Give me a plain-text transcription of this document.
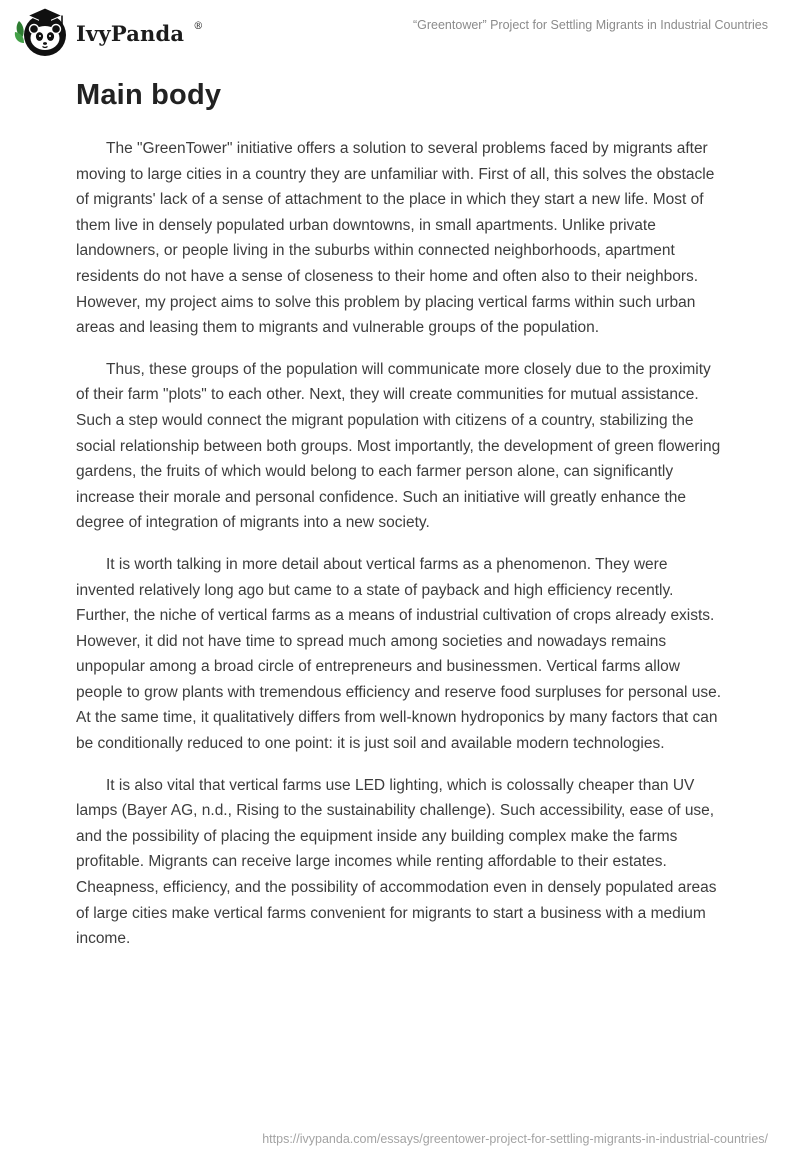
IvyPanda ®	“Greentower” Project for Settling Migrants in Industrial Countries
Main body

The "GreenTower" initiative offers a solution to several problems faced by migrants after moving to large cities in a country they are unfamiliar with. First of all, this solves the obstacle of migrants' lack of a sense of attachment to the place in which they start a new life. Most of them live in densely populated urban downtowns, in small apartments. Unlike private landowners, or people living in the suburbs within connected neighborhoods, apartment residents do not have a sense of closeness to their home and often also to their neighbors. However, my project aims to solve this problem by placing vertical farms within such urban areas and leasing them to migrants and vulnerable groups of the population.

Thus, these groups of the population will communicate more closely due to the proximity of their farm "plots" to each other. Next, they will create communities for mutual assistance. Such a step would connect the migrant population with citizens of a country, stabilizing the social relationship between both groups. Most importantly, the development of green flowering gardens, the fruits of which would belong to each farmer person alone, can significantly increase their morale and personal confidence. Such an initiative will greatly enhance the degree of integration of migrants into a new society.

It is worth talking in more detail about vertical farms as a phenomenon. They were invented relatively long ago but came to a state of payback and high efficiency recently. Further, the niche of vertical farms as a means of industrial cultivation of crops already exists. However, it did not have time to spread much among societies and nowadays remains unpopular among a broad circle of entrepreneurs and businessmen. Vertical farms allow people to grow plants with tremendous efficiency and reserve food surpluses for personal use. At the same time, it qualitatively differs from well-known hydroponics by many factors that can be conditionally reduced to one point: it is just soil and available modern technologies.

It is also vital that vertical farms use LED lighting, which is colossally cheaper than UV lamps (Bayer AG, n.d., Rising to the sustainability challenge). Such accessibility, ease of use, and the possibility of placing the equipment inside any building complex make the farms profitable. Migrants can receive large incomes while renting affordable to their estates. Cheapness, efficiency, and the possibility of accommodation even in densely populated areas of large cities make vertical farms convenient for migrants to start a business with a medium income.

https://ivypanda.com/essays/greentower-project-for-settling-migrants-in-industrial-countries/
